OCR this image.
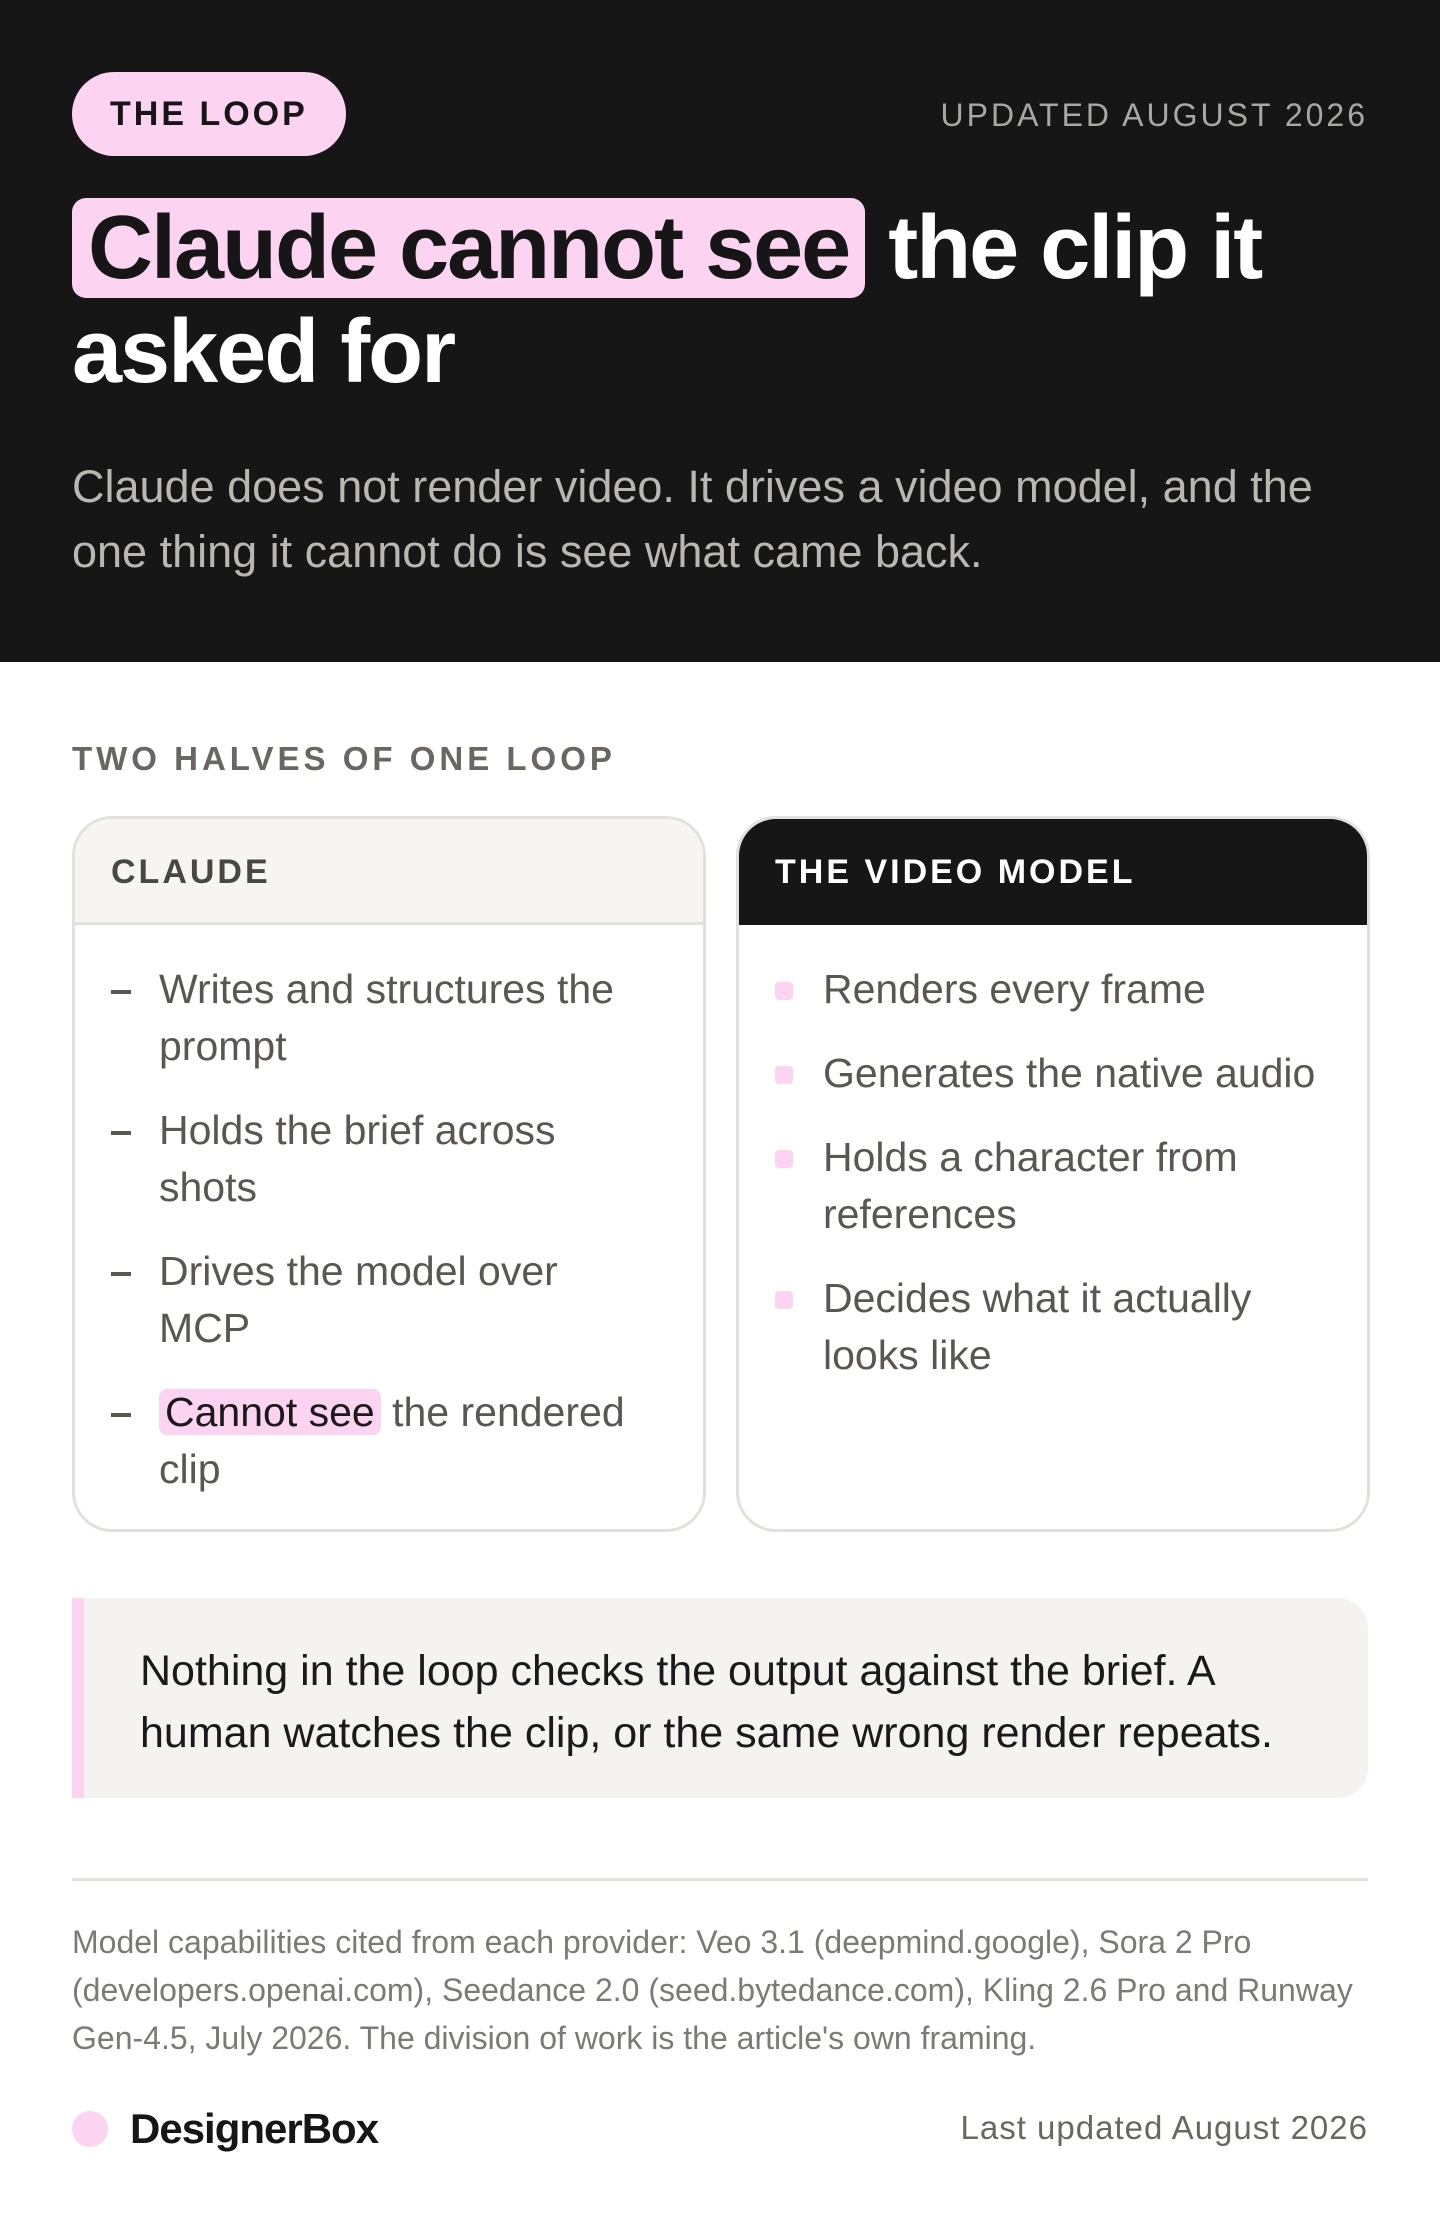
THE LOOP	UPDATED AUGUST 2026
Claude cannot see the clip it asked for

Claude does not render video. It drives a video model, and the one thing it cannot do is see what came back.

TWO HALVES OF ONE LOOP
CLAUDE
Writes and structures the prompt
Holds the brief across shots
Drives the model over MCP
Cannot see the rendered clip
THE VIDEO MODEL
Renders every frame
Generates the native audio
Holds a character from references
Decides what it actually looks like

Nothing in the loop checks the output against the brief. A human watches the clip, or the same wrong render repeats.

Model capabilities cited from each provider: Veo 3.1 (deepmind.google), Sora 2 Pro (developers.openai.com), Seedance 2.0 (seed.bytedance.com), Kling 2.6 Pro and Runway Gen-4.5, July 2026. The division of work is the article's own framing.

DesignerBox	Last updated August 2026
